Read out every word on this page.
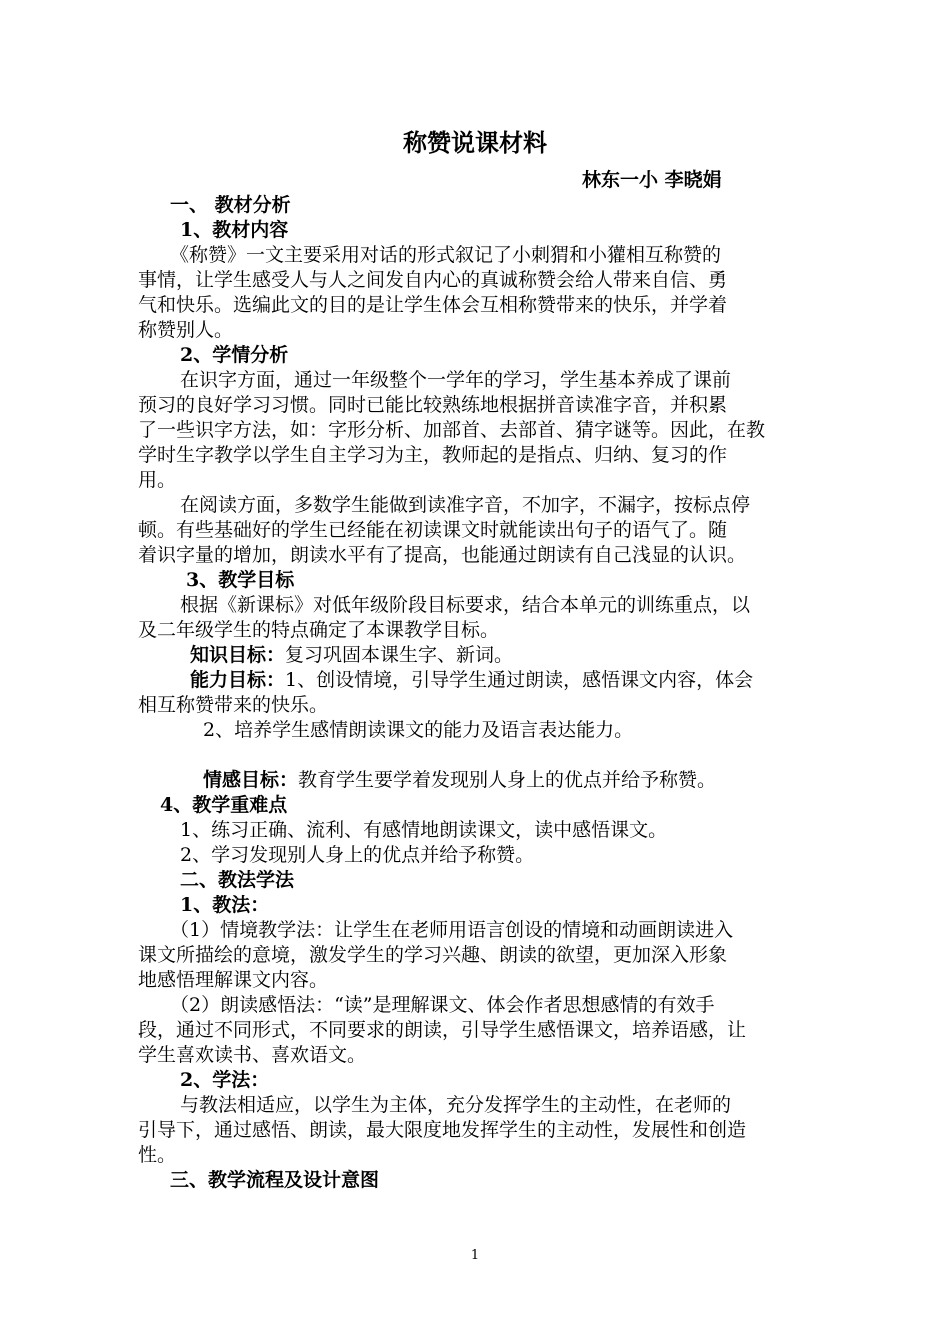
称赞说课材料
林东一小 李晓娟
一、 教材分析
1、教材内容
《称赞》一文主要采用对话的形式叙记了小刺猬和小獾相互称赞的
事情，让学生感受人与人之间发自内心的真诚称赞会给人带来自信、勇
气和快乐。选编此文的目的是让学生体会互相称赞带来的快乐，并学着
称赞别人。
2、学情分析
在识字方面，通过一年级整个一学年的学习，学生基本养成了课前
预习的良好学习习惯。同时已能比较熟练地根据拼音读准字音，并积累
了一些识字方法，如：字形分析、加部首、去部首、猜字谜等。因此，在教
学时生字教学以学生自主学习为主，教师起的是指点、归纳、复习的作
用。
在阅读方面，多数学生能做到读准字音，不加字，不漏字，按标点停
顿。有些基础好的学生已经能在初读课文时就能读出句子的语气了。随
着识字量的增加，朗读水平有了提高，也能通过朗读有自己浅显的认识。
3、教学目标
根据《新课标》对低年级阶段目标要求，结合本单元的训练重点，以
及二年级学生的特点确定了本课教学目标。
知识目标：复习巩固本课生字、新词。
能力目标：1、创设情境，引导学生通过朗读，感悟课文内容，体会
相互称赞带来的快乐。
2、培养学生感情朗读课文的能力及语言表达能力。
情感目标：教育学生要学着发现别人身上的优点并给予称赞。
4、教学重难点
1、练习正确、流利、有感情地朗读课文，读中感悟课文。
2、学习发现别人身上的优点并给予称赞。
二、教法学法
1、教法：
（1）情境教学法：让学生在老师用语言创设的情境和动画朗读进入
课文所描绘的意境，激发学生的学习兴趣、朗读的欲望，更加深入形象
地感悟理解课文内容。
（2）朗读感悟法：“读”是理解课文、体会作者思想感情的有效手
段，通过不同形式，不同要求的朗读，引导学生感悟课文，培养语感，让
学生喜欢读书、喜欢语文。
2、学法：
与教法相适应，以学生为主体，充分发挥学生的主动性，在老师的
引导下，通过感悟、朗读，最大限度地发挥学生的主动性，发展性和创造
性。
三、教学流程及设计意图
1
